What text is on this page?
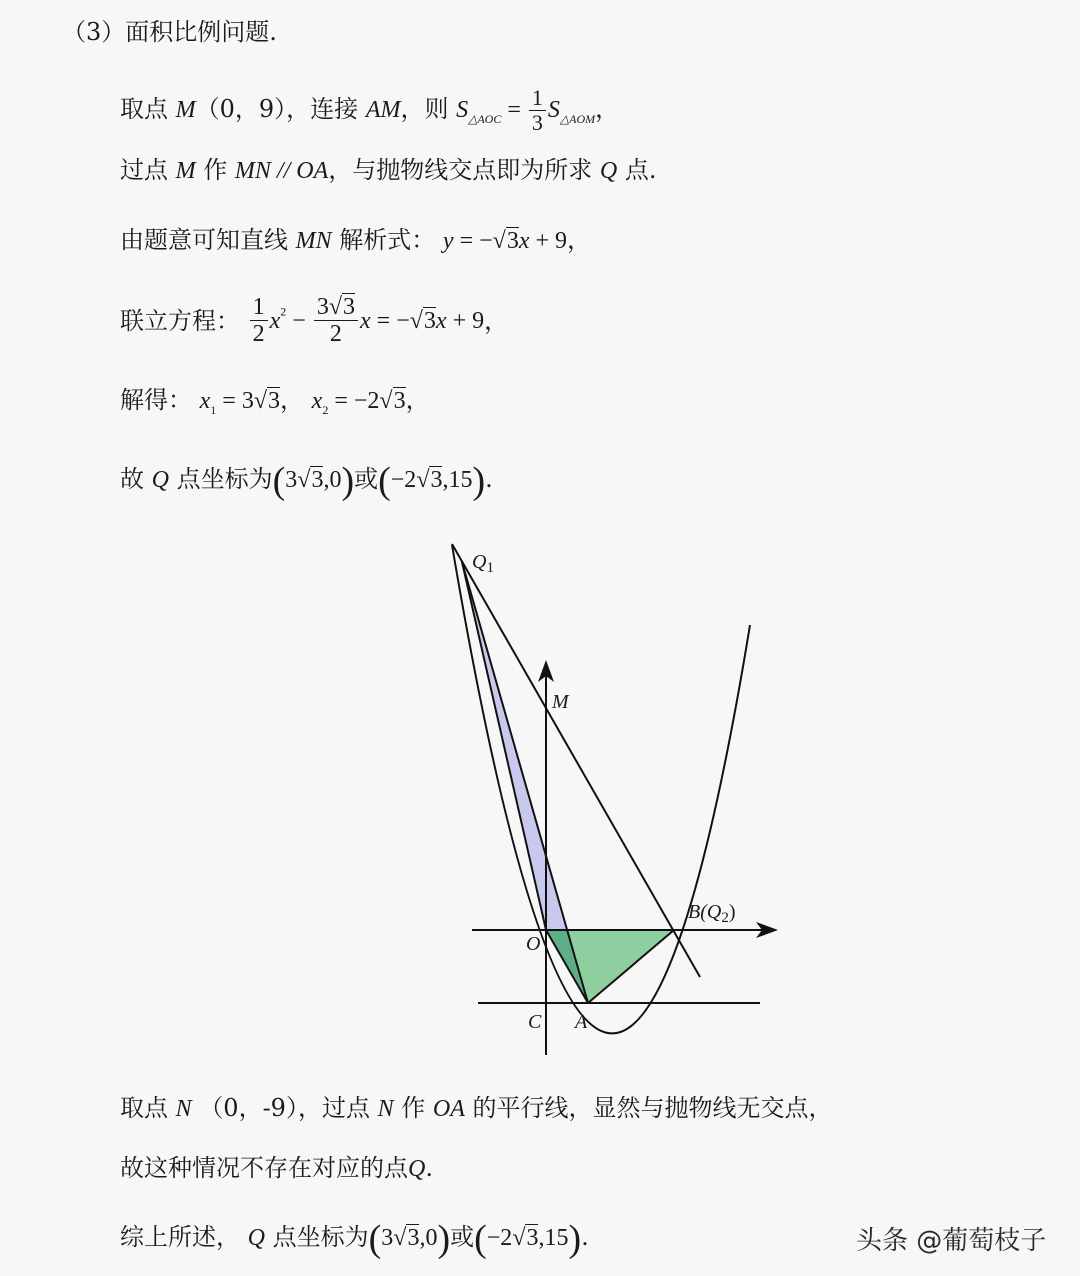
（3）面积比例问题.
取点 M（0，9），连接 AM，则 $S_{\triangle AOC} = \frac{1}{3} S_{\triangle AOM}$，
过点 M 作 MN // OA，与抛物线交点即为所求 Q 点.
由题意可知直线 MN 解析式： y = −√3x + 9，
联立方程： $\frac{1}{2} x^2 - \frac{3√3}{2}$ x = −√3x + 9，
解得： $x_1 = 3√3$， $x_2 = -2√3$，
故 Q 点坐标为(3√3,0)或(−2√3,15).
$Q_1$
M
O
C A
$B(Q_2)$
取点 N （0，-9），过点 N 作 OA 的平行线，显然与抛物线无交点，
故这种情况不存在对应的点Q.
综上所述， Q 点坐标为(3√3,0)或(−2√3,15).	头条 @葡萄枝子
